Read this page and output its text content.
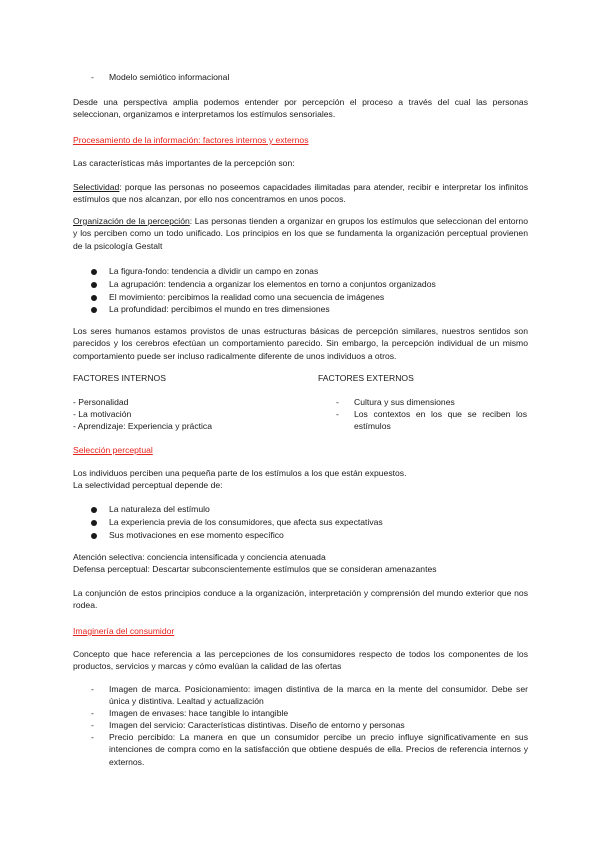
- Modelo semiótico informacional
Desde una perspectiva amplia podemos entender por percepción el proceso a través del cual las personas seleccionan, organizamos e interpretamos los estímulos sensoriales.
Procesamiento de la información: factores internos y externos
Las características más importantes de la percepción son:
Selectividad: porque las personas no poseemos capacidades ilimitadas para atender, recibir e interpretar los infinitos estímulos que nos alcanzan, por ello nos concentramos en unos pocos.
Organización de la percepción: Las personas tienden a organizar en grupos los estímulos que seleccionan del entorno y los perciben como un todo unificado. Los principios en los que se fundamenta la organización perceptual provienen de la psicología Gestalt
La figura-fondo: tendencia a dividir un campo en zonas
La agrupación: tendencia a organizar los elementos en torno a conjuntos organizados
El movimiento: percibimos la realidad como una secuencia de imágenes
La profundidad: percibimos el mundo en tres dimensiones
Los seres humanos estamos provistos de unas estructuras básicas de percepción similares, nuestros sentidos son parecidos y los cerebros efectúan un comportamiento parecido. Sin embargo, la percepción individual de un mismo comportamiento puede ser incluso radicalmente diferente de unos individuos a otros.
FACTORES INTERNOS
- Personalidad
- La motivación
- Aprendizaje: Experiencia y práctica
FACTORES EXTERNOS
- Cultura y sus dimensiones
- Los contextos en los que se reciben los estímulos
Selección perceptual
Los individuos perciben una pequeña parte de los estímulos a los que están expuestos.
La selectividad perceptual depende de:
La naturaleza del estímulo
La experiencia previa de los consumidores, que afecta sus expectativas
Sus motivaciones en ese momento específico
Atención selectiva: conciencia intensificada y conciencia atenuada
Defensa perceptual: Descartar subconscientemente estímulos que se consideran amenazantes
La conjunción de estos principios conduce a la organización, interpretación y comprensión del mundo exterior que nos rodea.
Imaginería del consumidor
Concepto que hace referencia a las percepciones de los consumidores respecto de todos los componentes de los productos, servicios y marcas y cómo evalúan la calidad de las ofertas
- Imagen de marca. Posicionamiento: imagen distintiva de la marca en la mente del consumidor. Debe ser única y distintiva. Lealtad y actualización
- Imagen de envases: hace tangible lo intangible
- Imagen del servicio: Características distintivas. Diseño de entorno y personas
- Precio percibido: La manera en que un consumidor percibe un precio influye significativamente en sus intenciones de compra como en la satisfacción que obtiene después de ella. Precios de referencia internos y externos.
